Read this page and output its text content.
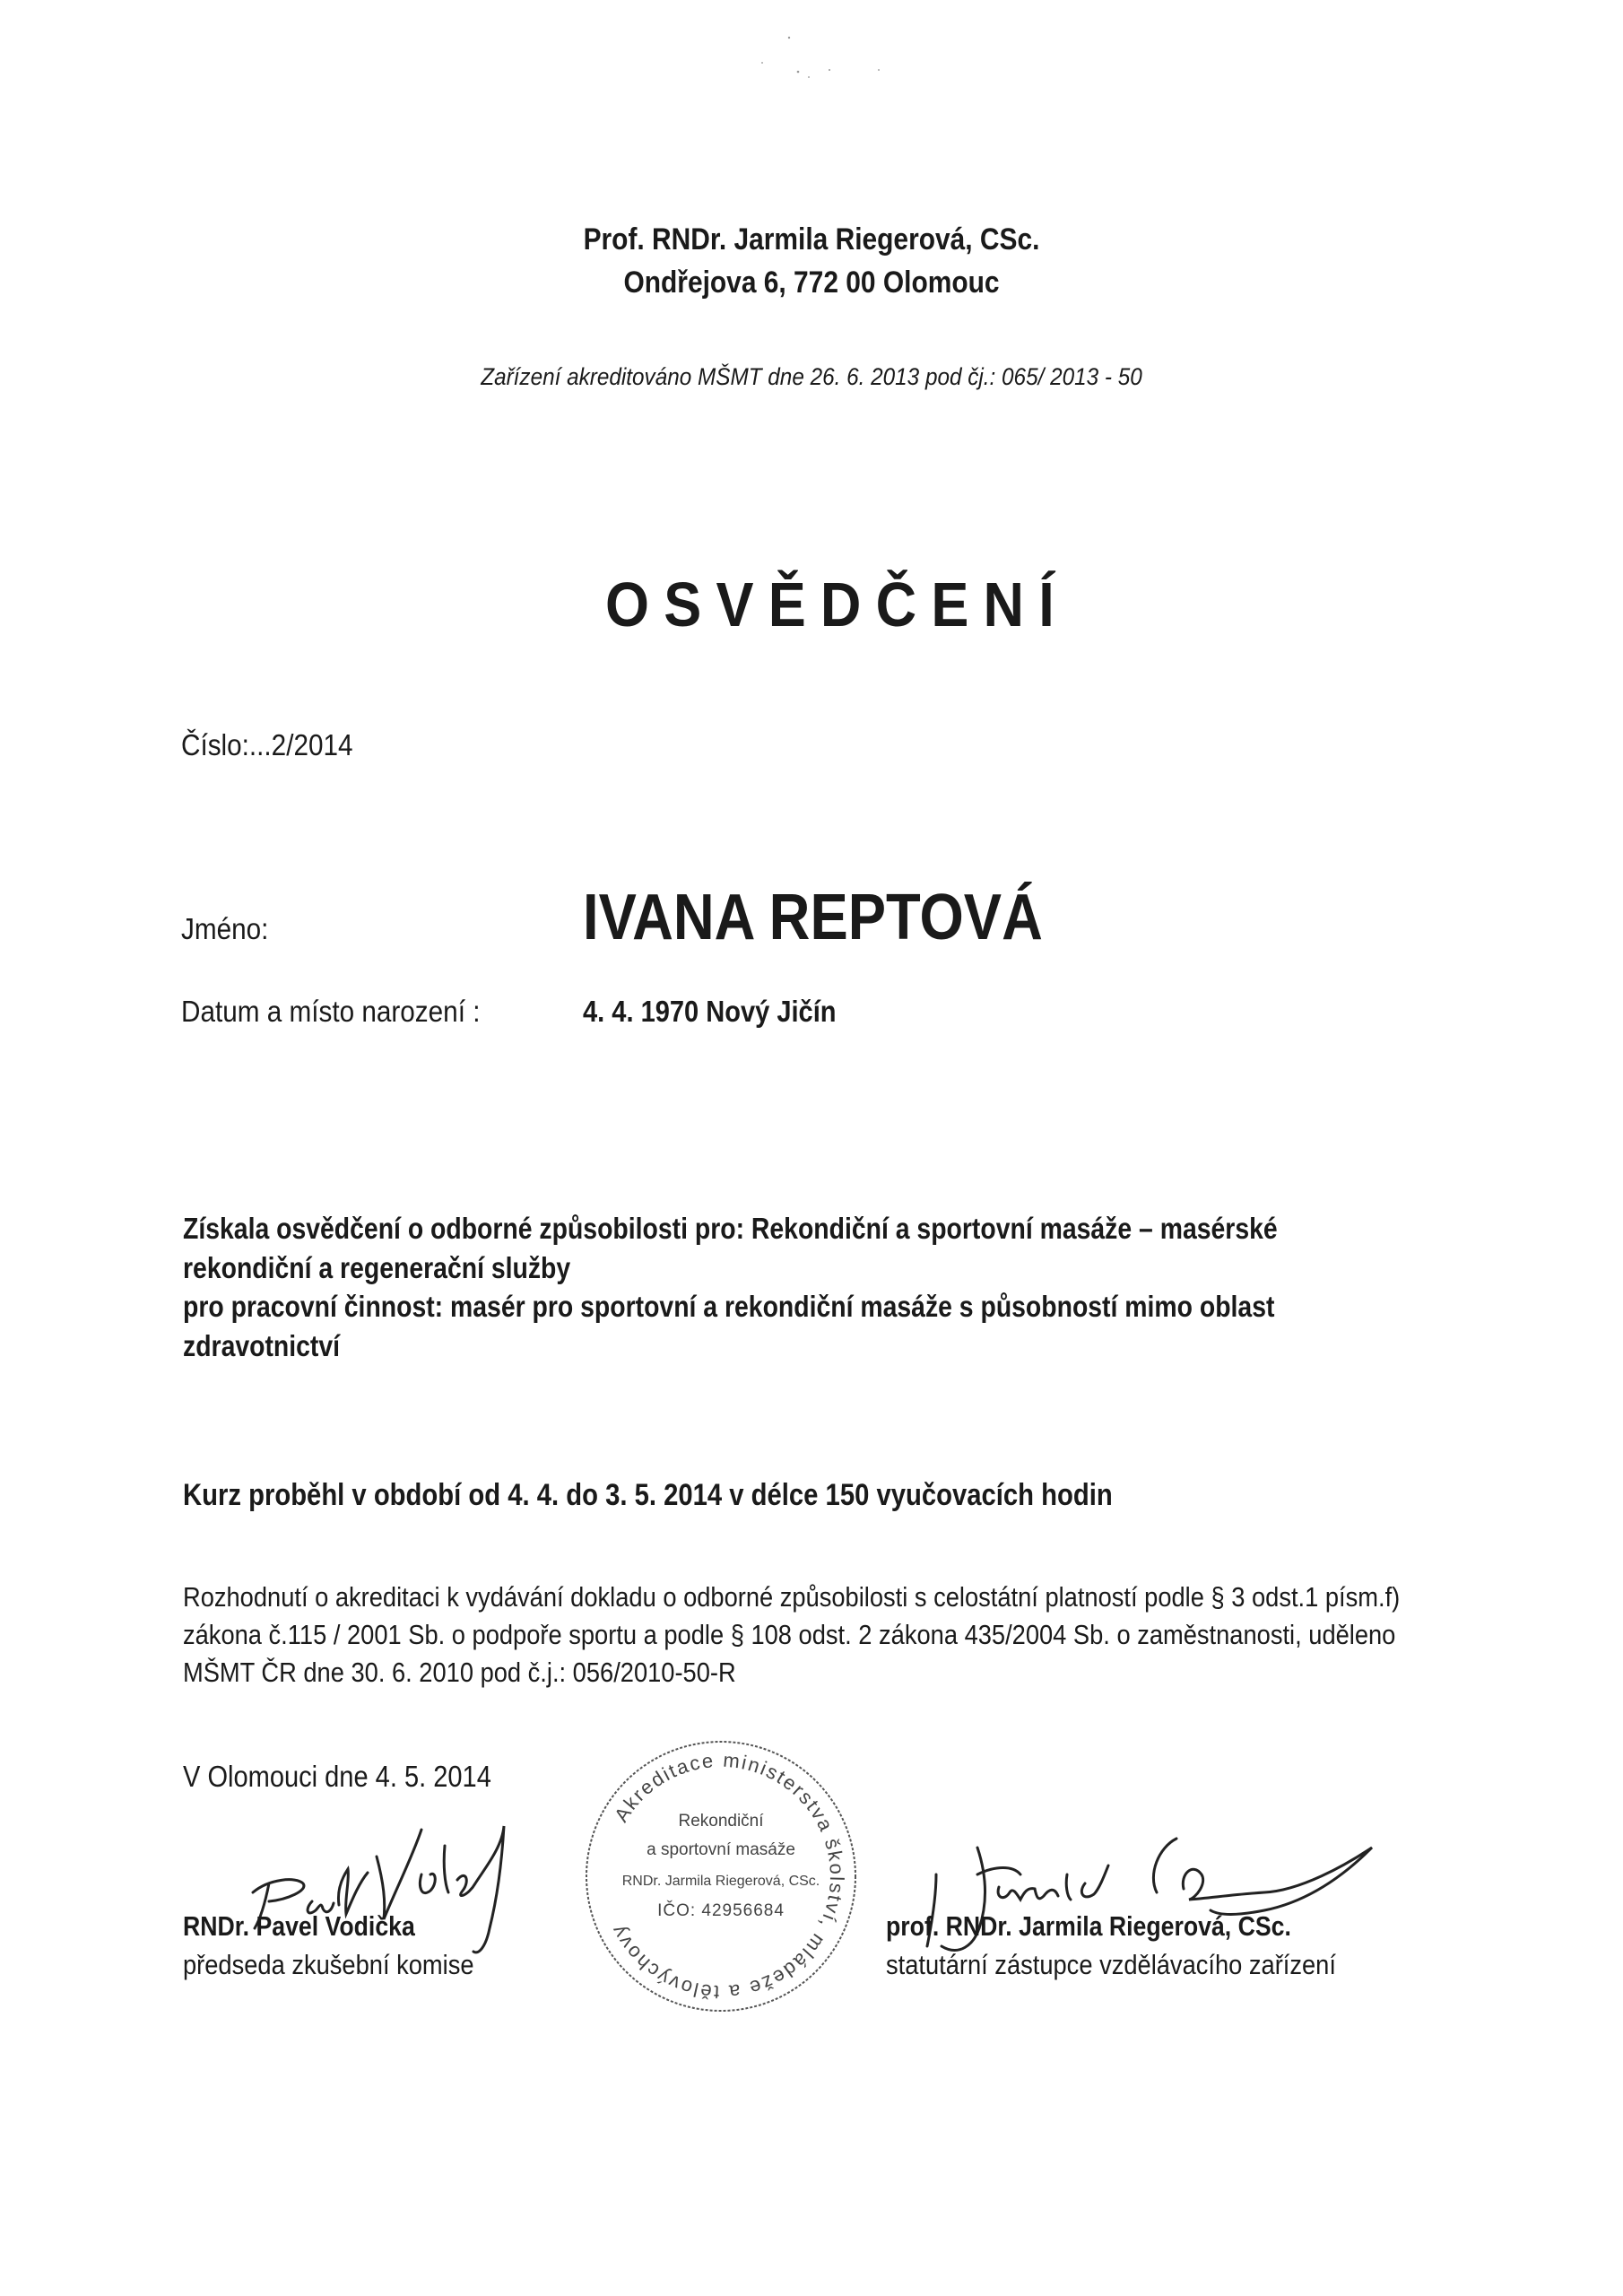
Prof. RNDr. Jarmila Riegerová, CSc.
Ondřejova 6, 772 00 Olomouc
Zařízení akreditováno MŠMT dne 26. 6. 2013 pod čj.: 065/ 2013 - 50
OSVĚDČENÍ
Číslo:...2/2014
Jméno:	IVANA REPTOVÁ
Datum a místo narození :	4. 4. 1970 Nový Jičín
Získala osvědčení o odborné způsobilosti pro: Rekondiční a sportovní masáže – masérské
rekondiční a regenerační služby
pro pracovní činnost: masér pro sportovní a rekondiční masáže s působností mimo oblast
zdravotnictví
Kurz proběhl v období od 4. 4. do 3. 5. 2014 v délce 150 vyučovacích hodin
Rozhodnutí o akreditaci k vydávání dokladu o odborné způsobilosti s celostátní platností podle § 3 odst.1 písm.f)
zákona č.115 / 2001 Sb. o podpoře sportu a podle § 108 odst. 2 zákona 435/2004 Sb. o zaměstnanosti, uděleno
MŠMT ČR dne 30. 6. 2010 pod č.j.: 056/2010-50-R
V Olomouci dne 4. 5. 2014
Akreditace ministerstva školství, mládeže a tělovýchovy
Rekondiční
a sportovní masáže
RNDr. Jarmila Riegerová, CSc.
IČO: 42956684
RNDr. Pavel Vodička
předseda zkušební komise
prof. RNDr. Jarmila Riegerová, CSc.
statutární zástupce vzdělávacího zařízení
